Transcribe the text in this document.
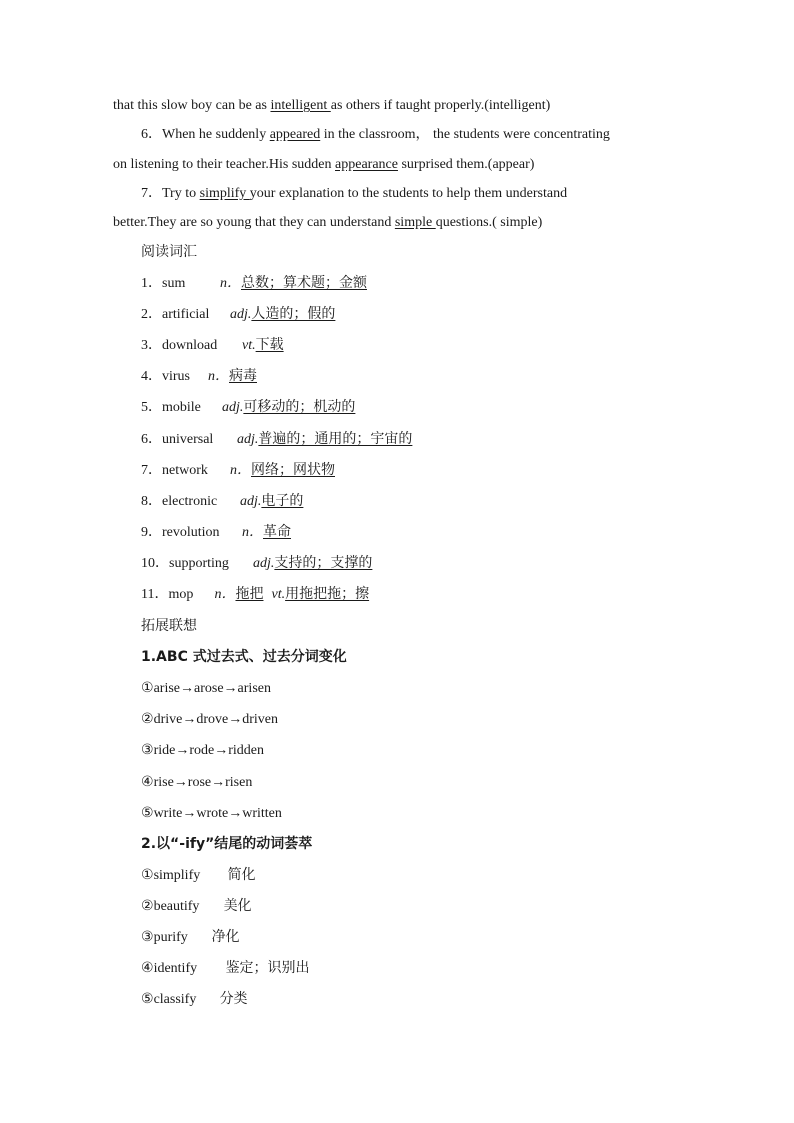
that this slow boy can be as intelligent as others if taught properly.(intelligent)
6．When he suddenly appeared in the classroom， the students were concentrating
on listening to their teacher.His sudden appearance surprised them.(appear)
7．Try to simplify your explanation to the students to help them understand
better.They are so young that they can understand simple questions.( simple)
阅读词汇
1．sum n．总数；算术题；金额
2．artificial adj.人造的；假的
3．download vt.下载
4．virus n．病毒
5．mobile adj.可移动的；机动的
6．universal adj.普遍的；通用的；宇宙的
7．network n．网络；网状物
8．electronic adj.电子的
9．revolution n．革命
10．supporting adj.支持的；支撑的
11．mop n．拖把 vt.用拖把拖；擦
拓展联想
1.ABC 式过去式、过去分词变化
①arise→arose→arisen
②drive→drove→driven
③ride→rode→ridden
④rise→rose→risen
⑤write→wrote→written
2.以“-ify”结尾的动词荟萃
①simplify 简化
②beautify 美化
③purify 净化
④identify 鉴定；识别出
⑤classify 分类
